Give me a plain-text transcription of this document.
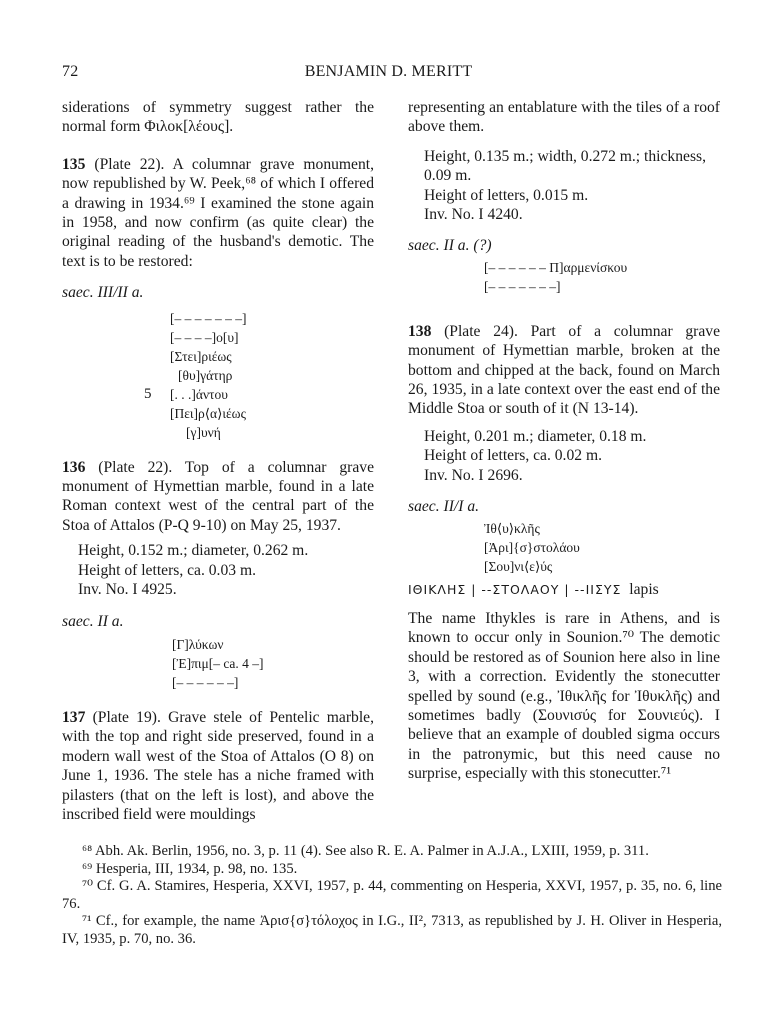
72	BENJAMIN D. MERITT

siderations of symmetry suggest rather the normal form Φιλοκ[λέους].

135 (Plate 22). A columnar grave monument, now republished by W. Peek,⁶⁸ of which I offered a drawing in 1934.⁶⁹ I examined the stone again in 1958, and now confirm (as quite clear) the original reading of the husband's demotic. The text is to be restored:

saec. III/II a.
[– – – – – – –]
[– – – –]ο[υ]
[Στει]ριέως
[θυ]γάτηρ
[. . .]άντου
[Πει]ρ⟨α⟩ιέως
[γ]υνή
5

136 (Plate 22). Top of a columnar grave monument of Hymettian marble, found in a late Roman context west of the central part of the Stoa of Attalos (P-Q 9-10) on May 25, 1937.

Height, 0.152 m.; diameter, 0.262 m.
Height of letters, ca. 0.03 m.
Inv. No. I 4925.
saec. II a.
[Γ]λύκων
[Ἐ]πιμ[– ca. 4 –]
[– – – – – –]

137 (Plate 19). Grave stele of Pentelic marble, with the top and right side preserved, found in a modern wall west of the Stoa of Attalos (O 8) on June 1, 1936. The stele has a niche framed with pilasters (that on the left is lost), and above the inscribed field were mouldings

representing an entablature with the tiles of a roof above them.

Height, 0.135 m.; width, 0.272 m.; thickness, 0.09 m.
Height of letters, 0.015 m.
Inv. No. I 4240.
saec. II a. (?)
[– – – – – – Π]αρμενίσκου
[– – – – – – –]

138 (Plate 24). Part of a columnar grave monument of Hymettian marble, broken at the bottom and chipped at the back, found on March 26, 1935, in a late context over the east end of the Middle Stoa or south of it (N 13-14).

Height, 0.201 m.; diameter, 0.18 m.
Height of letters, ca. 0.02 m.
Inv. No. I 2696.
saec. II/I a.
Ἰθ⟨υ⟩κλῆς
[Ἀρι]{σ}στολάου
[Σου]νι⟨ε⟩ύς
ΙΘΙΚΛΗΣ | --ΣΤΟΛΑΟΥ | --ΙΙΣΥΣ lapis

The name Ithykles is rare in Athens, and is known to occur only in Sounion.⁷⁰ The demotic should be restored as of Sounion here also in line 3, with a correction. Evidently the stonecutter spelled by sound (e.g., Ἰθικλῆς for Ἰθυκλῆς) and sometimes badly (Σουνισύς for Σουνιεύς). I believe that an example of doubled sigma occurs in the patronymic, but this need cause no surprise, especially with this stonecutter.⁷¹

⁶⁸ Abh. Ak. Berlin, 1956, no. 3, p. 11 (4). See also R. E. A. Palmer in A.J.A., LXIII, 1959, p. 311.
⁶⁹ Hesperia, III, 1934, p. 98, no. 135.
⁷⁰ Cf. G. A. Stamires, Hesperia, XXVI, 1957, p. 44, commenting on Hesperia, XXVI, 1957, p. 35, no. 6, line 76.
⁷¹ Cf., for example, the name Ἀρισ{σ}τόλοχος in I.G., II², 7313, as republished by J. H. Oliver in Hesperia, IV, 1935, p. 70, no. 36.
